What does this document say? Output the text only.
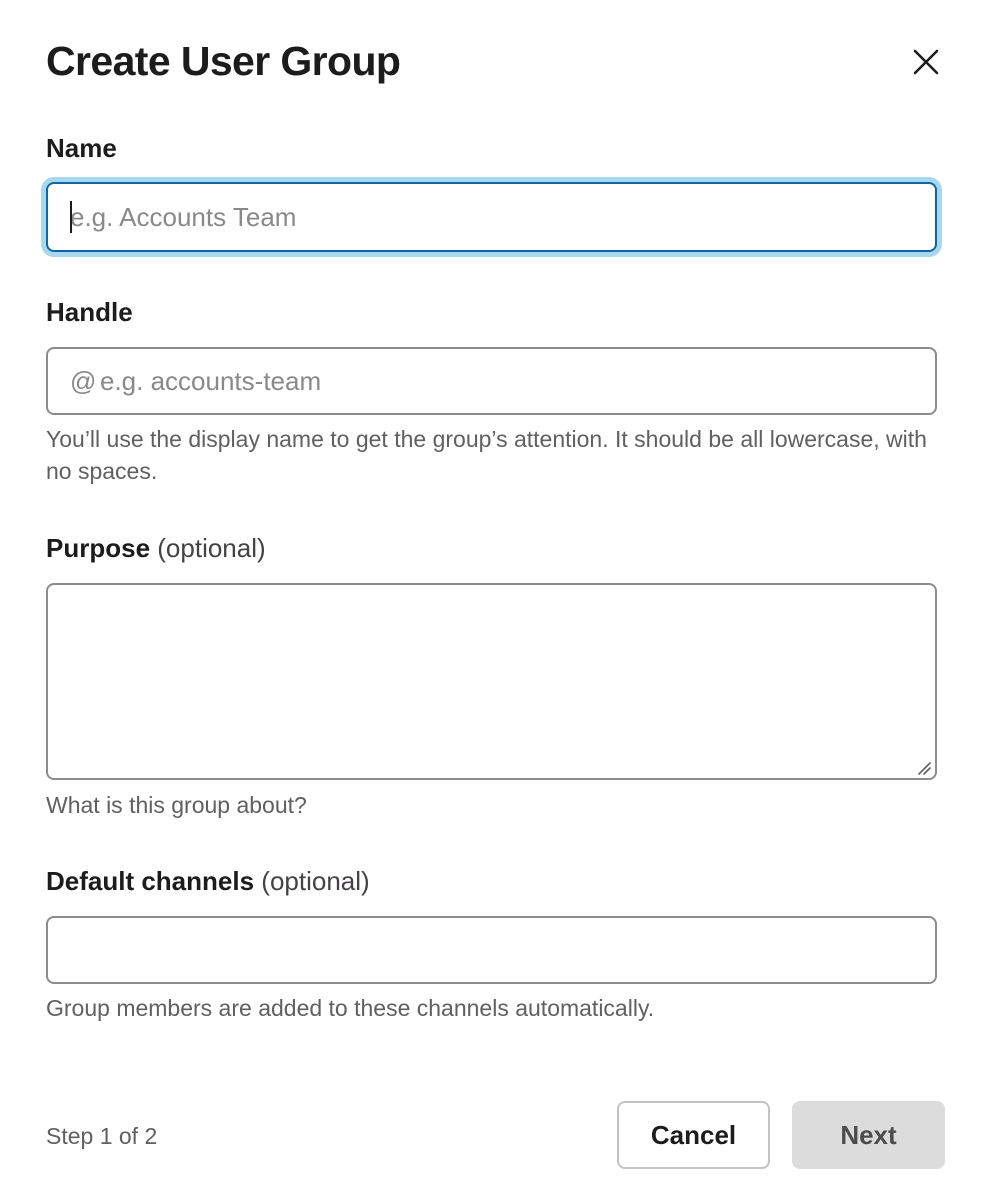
Create User Group
Name
e.g. Accounts Team
Handle
@
e.g. accounts-team

You’ll use the display name to get the group’s attention. It should be all lowercase, with no spaces.

Purpose (optional)

What is this group about?

Default channels (optional)

Group members are added to these channels automatically.

Step 1 of 2	Cancel	Next
